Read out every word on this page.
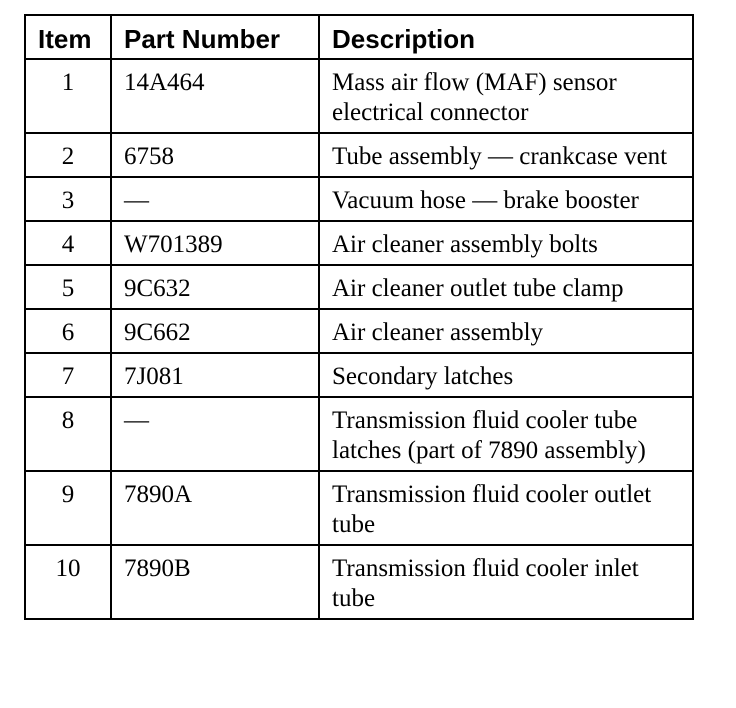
Item	Part Number	Description
1	14A464	Mass air flow (MAF) sensor electrical connector
2	6758	Tube assembly — crankcase vent
3	—	Vacuum hose — brake booster
4	W701389	Air cleaner assembly bolts
5	9C632	Air cleaner outlet tube clamp
6	9C662	Air cleaner assembly
7	7J081	Secondary latches
8	—	Transmission fluid cooler tube latches (part of 7890 assembly)
9	7890A	Transmission fluid cooler outlet tube
10	7890B	Transmission fluid cooler inlet tube
